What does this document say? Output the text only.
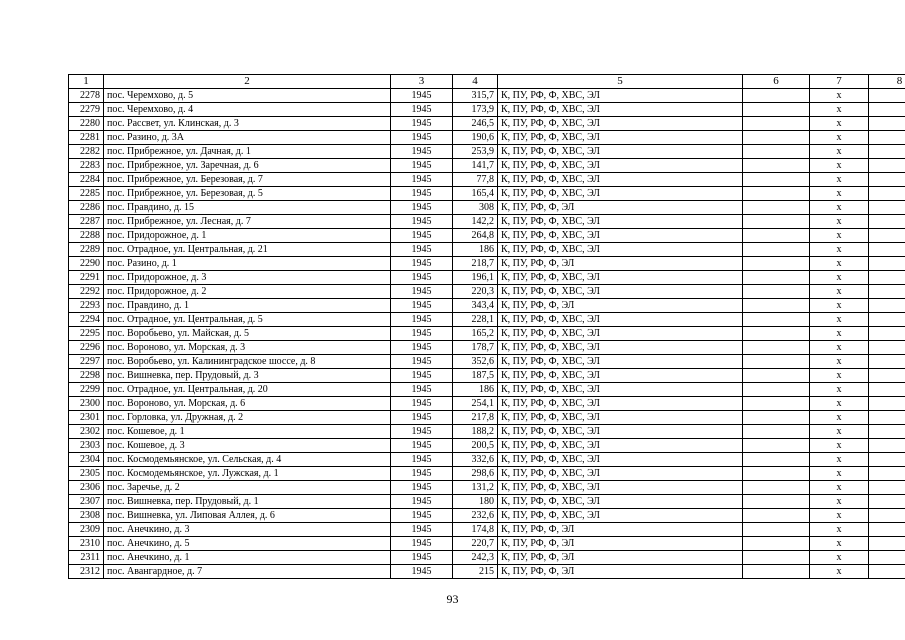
1	2	3	4	5	6	7	8
2278	пос. Черемхово, д. 5	1945	315,7	К, ПУ, РФ, Ф, ХВС, ЭЛ		х	
2279	пос. Черемхово, д. 4	1945	173,9	К, ПУ, РФ, Ф, ХВС, ЭЛ		х	
2280	пос. Рассвет, ул. Клинская, д. 3	1945	246,5	К, ПУ, РФ, Ф, ХВС, ЭЛ		х	
2281	пос. Разино, д. 3А	1945	190,6	К, ПУ, РФ, Ф, ХВС, ЭЛ		х	
2282	пос. Прибрежное, ул. Дачная, д. 1	1945	253,9	К, ПУ, РФ, Ф, ХВС, ЭЛ		х	
2283	пос. Прибрежное, ул. Заречная, д. 6	1945	141,7	К, ПУ, РФ, Ф, ХВС, ЭЛ		х	
2284	пос. Прибрежное, ул. Березовая, д. 7	1945	77,8	К, ПУ, РФ, Ф, ХВС, ЭЛ		х	
2285	пос. Прибрежное, ул. Березовая, д. 5	1945	165,4	К, ПУ, РФ, Ф, ХВС, ЭЛ		х	
2286	пос. Правдино, д. 15	1945	308	К, ПУ, РФ, Ф, ЭЛ		х	
2287	пос. Прибрежное, ул. Лесная, д. 7	1945	142,2	К, ПУ, РФ, Ф, ХВС, ЭЛ		х	
2288	пос. Придорожное, д. 1	1945	264,8	К, ПУ, РФ, Ф, ХВС, ЭЛ		х	
2289	пос. Отрадное, ул. Центральная, д. 21	1945	186	К, ПУ, РФ, Ф, ХВС, ЭЛ		х	
2290	пос. Разино, д. 1	1945	218,7	К, ПУ, РФ, Ф, ЭЛ		х	
2291	пос. Придорожное, д. 3	1945	196,1	К, ПУ, РФ, Ф, ХВС, ЭЛ		х	
2292	пос. Придорожное, д. 2	1945	220,3	К, ПУ, РФ, Ф, ХВС, ЭЛ		х	
2293	пос. Правдино, д. 1	1945	343,4	К, ПУ, РФ, Ф, ЭЛ		х	
2294	пос. Отрадное, ул. Центральная, д. 5	1945	228,1	К, ПУ, РФ, Ф, ХВС, ЭЛ		х	
2295	пос. Воробьево, ул. Майская, д. 5	1945	165,2	К, ПУ, РФ, Ф, ХВС, ЭЛ		х	
2296	пос. Вороново, ул. Морская, д. 3	1945	178,7	К, ПУ, РФ, Ф, ХВС, ЭЛ		х	
2297	пос. Воробьево, ул. Калининградское шоссе, д. 8	1945	352,6	К, ПУ, РФ, Ф, ХВС, ЭЛ		х	
2298	пос. Вишневка, пер. Прудовый, д. 3	1945	187,5	К, ПУ, РФ, Ф, ХВС, ЭЛ		х	
2299	пос. Отрадное, ул. Центральная, д. 20	1945	186	К, ПУ, РФ, Ф, ХВС, ЭЛ		х	
2300	пос. Вороново, ул. Морская, д. 6	1945	254,1	К, ПУ, РФ, Ф, ХВС, ЭЛ		х	
2301	пос. Горловка, ул. Дружная, д. 2	1945	217,8	К, ПУ, РФ, Ф, ХВС, ЭЛ		х	
2302	пос. Кошевое, д. 1	1945	188,2	К, ПУ, РФ, Ф, ХВС, ЭЛ		х	
2303	пос. Кошевое, д. 3	1945	200,5	К, ПУ, РФ, Ф, ХВС, ЭЛ		х	
2304	пос. Космодемьянское, ул. Сельская, д. 4	1945	332,6	К, ПУ, РФ, Ф, ХВС, ЭЛ		х	
2305	пос. Космодемьянское, ул. Лужская, д. 1	1945	298,6	К, ПУ, РФ, Ф, ХВС, ЭЛ		х	
2306	пос. Заречье, д. 2	1945	131,2	К, ПУ, РФ, Ф, ХВС, ЭЛ		х	
2307	пос. Вишневка, пер. Прудовый, д. 1	1945	180	К, ПУ, РФ, Ф, ХВС, ЭЛ		х	
2308	пос. Вишневка, ул. Липовая Аллея, д. 6	1945	232,6	К, ПУ, РФ, Ф, ХВС, ЭЛ		х	
2309	пос. Анечкино, д. 3	1945	174,8	К, ПУ, РФ, Ф, ЭЛ		х	
2310	пос. Анечкино, д. 5	1945	220,7	К, ПУ, РФ, Ф, ЭЛ		х	
2311	пос. Анечкино, д. 1	1945	242,3	К, ПУ, РФ, Ф, ЭЛ		х	
2312	пос. Авангардное, д. 7	1945	215	К, ПУ, РФ, Ф, ЭЛ		х	
93
